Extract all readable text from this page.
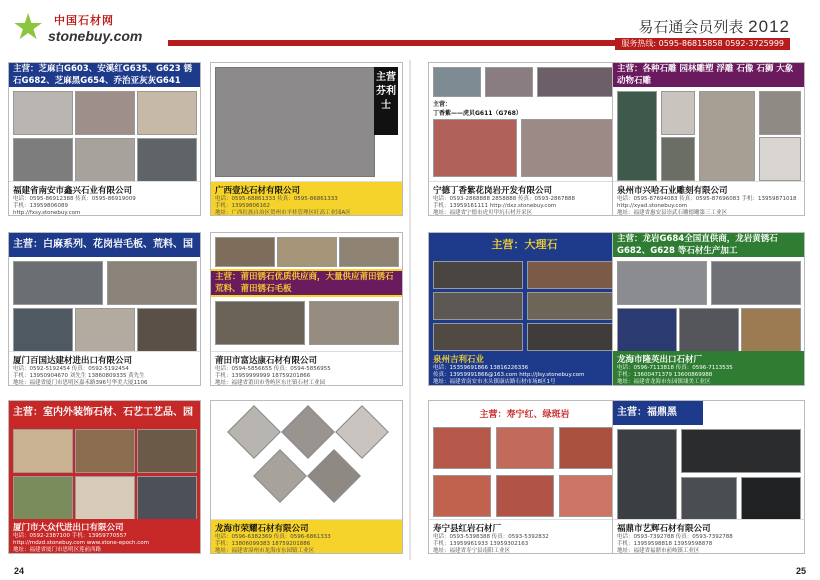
★ 中国石材网
stonebuy.com	易石通会员列表 2012
服务热线: 0595-86815858 0592-3725999
主营：芝麻白G603、安溪红G635、G623 锈石G682、芝麻黑G654、乔治亚灰灰G641
福建省南安市鑫兴石业有限公司
电话：0595-86912388 传真：0595-86919009
手机：13959806089
http://fxsy.stonebuy.com
主营芬利士
广西壹达石材有限公司
电话：0595-68861333 传真：0595-86861333
手机：13959806162
地址：广西壮族自治区贺州市平桂管理区旺高工业园A区
主营：
丁香紫——虎贝G611（G768）
宁德丁香紫花岗岩开发有限公司
电话：0593-2868888 2858888 传真：0593-2867888
手机：13959161111 http://dxz.stonebuy.com
地址：福建省宁德市虎贝甲坑石材开采区
主营：各种石雕 园林雕塑 浮雕 石像 石狮 大象 动物石雕
泉州市兴哈石业雕刻有限公司
电话：0595-87694083 传真：0595-87696083 手机：13959871018
http://xyad.stonebuy.com
地址：福建省惠安县崇武石雕德雕第三工业区
主营：白麻系列、花岗岩毛板、荒料、国
厦门百国达建材进出口有限公司
电话：0592-5192454 传真：0592-5192454
手机：13950904670 刘先生 13860809335 黄先生
地址：福建省厦门市思明区嘉禾路396号华美大厦1106
主营：莆田锈石优质供应商，大量供应莆田锈石荒料、莆田锈石毛板
莆田市富达康石材有限公司
电话：0594-5856655 传真：0594-5856955
手机：13959999999 18759201866
地址：福建省莆田市秀屿区东庄镇石材工业园
主营：大理石
泉州吉利石业
电话：15359691866 13816226336
传真：13959991866@163.com http://jlsy.stonebuy.com
地址：福建省南安市水头镇康店路石材市场8区1号
主营：龙岩G684全国直供商，龙岩黄锈石G682、G628 等石材生产加工
龙海市隆英出口石材厂
电话：0596-7113818 传真：0596-7113535
手机：13600471379 13600869988
地址：福建省龙海市东园镇埭美工业区
主营：室内外装饰石材、石艺工艺品、园
厦门市大众代进出口有限公司
电话：0592-2387100 手机：13959770557
http://mdzd.stonebuy.com www.stone-epoch.com
地址：福建省厦门市思明区莲前西路
龙海市荣耀石材有限公司
电话：0596-6382369 传真：0596-6861333
手机：13806099383 18759201886
地址：福建省漳州市龙海市东园镇工业区
主营：寿宁红、绿斑岩
寿宁县红岩石材厂
电话：0593-5398388 传真：0593-5392832
手机：13959961933 13959302163
地址：福建省寿宁县南阳工业区
主营：福鼎黑
福鼎市艺辉石材有限公司
电话：0593-7392788 传真：0593-7392788
手机：13959598818 13959598878
地址：福建省福鼎市前岐镇工业区
24	25
